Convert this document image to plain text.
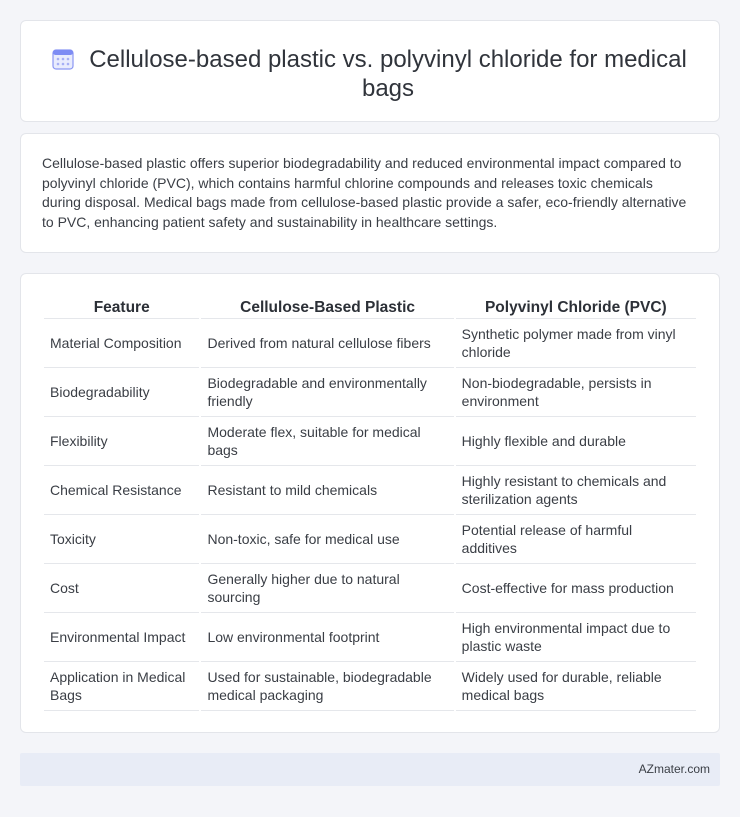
Cellulose-based plastic vs. polyvinyl chloride for medical bags

Cellulose-based plastic offers superior biodegradability and reduced environmental impact compared to polyvinyl chloride (PVC), which contains harmful chlorine compounds and releases toxic chemicals during disposal. Medical bags made from cellulose-based plastic provide a safer, eco-friendly alternative to PVC, enhancing patient safety and sustainability in healthcare settings.

Feature	Cellulose-Based Plastic	Polyvinyl Chloride (PVC)
Material Composition	Derived from natural cellulose fibers	Synthetic polymer made from vinyl chloride
Biodegradability	Biodegradable and environmentally friendly	Non-biodegradable, persists in environment
Flexibility	Moderate flex, suitable for medical bags	Highly flexible and durable
Chemical Resistance	Resistant to mild chemicals	Highly resistant to chemicals and sterilization agents
Toxicity	Non-toxic, safe for medical use	Potential release of harmful additives
Cost	Generally higher due to natural sourcing	Cost-effective for mass production
Environmental Impact	Low environmental footprint	High environmental impact due to plastic waste
Application in Medical Bags	Used for sustainable, biodegradable medical packaging	Widely used for durable, reliable medical bags
AZmater.com
